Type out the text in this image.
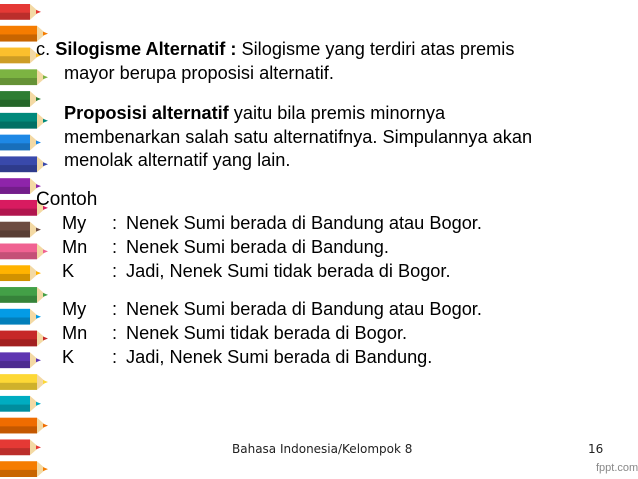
c. Silogisme Alternatif : Silogisme yang terdiri atas premis
mayor berupa proposisi alternatif.
Proposisi alternatif yaitu bila premis minornya
membenarkan salah satu alternatifnya. Simpulannya akan
menolak alternatif yang lain.
Contoh
My	: Nenek Sumi berada di Bandung atau Bogor.
Mn	: Nenek Sumi berada di Bandung.
K	: Jadi, Nenek Sumi tidak berada di Bogor.
My	: Nenek Sumi berada di Bandung atau Bogor.
Mn	: Nenek Sumi tidak berada di Bogor.
K	: Jadi, Nenek Sumi berada di Bandung.
Bahasa Indonesia/Kelompok 8	16
fppt.com
